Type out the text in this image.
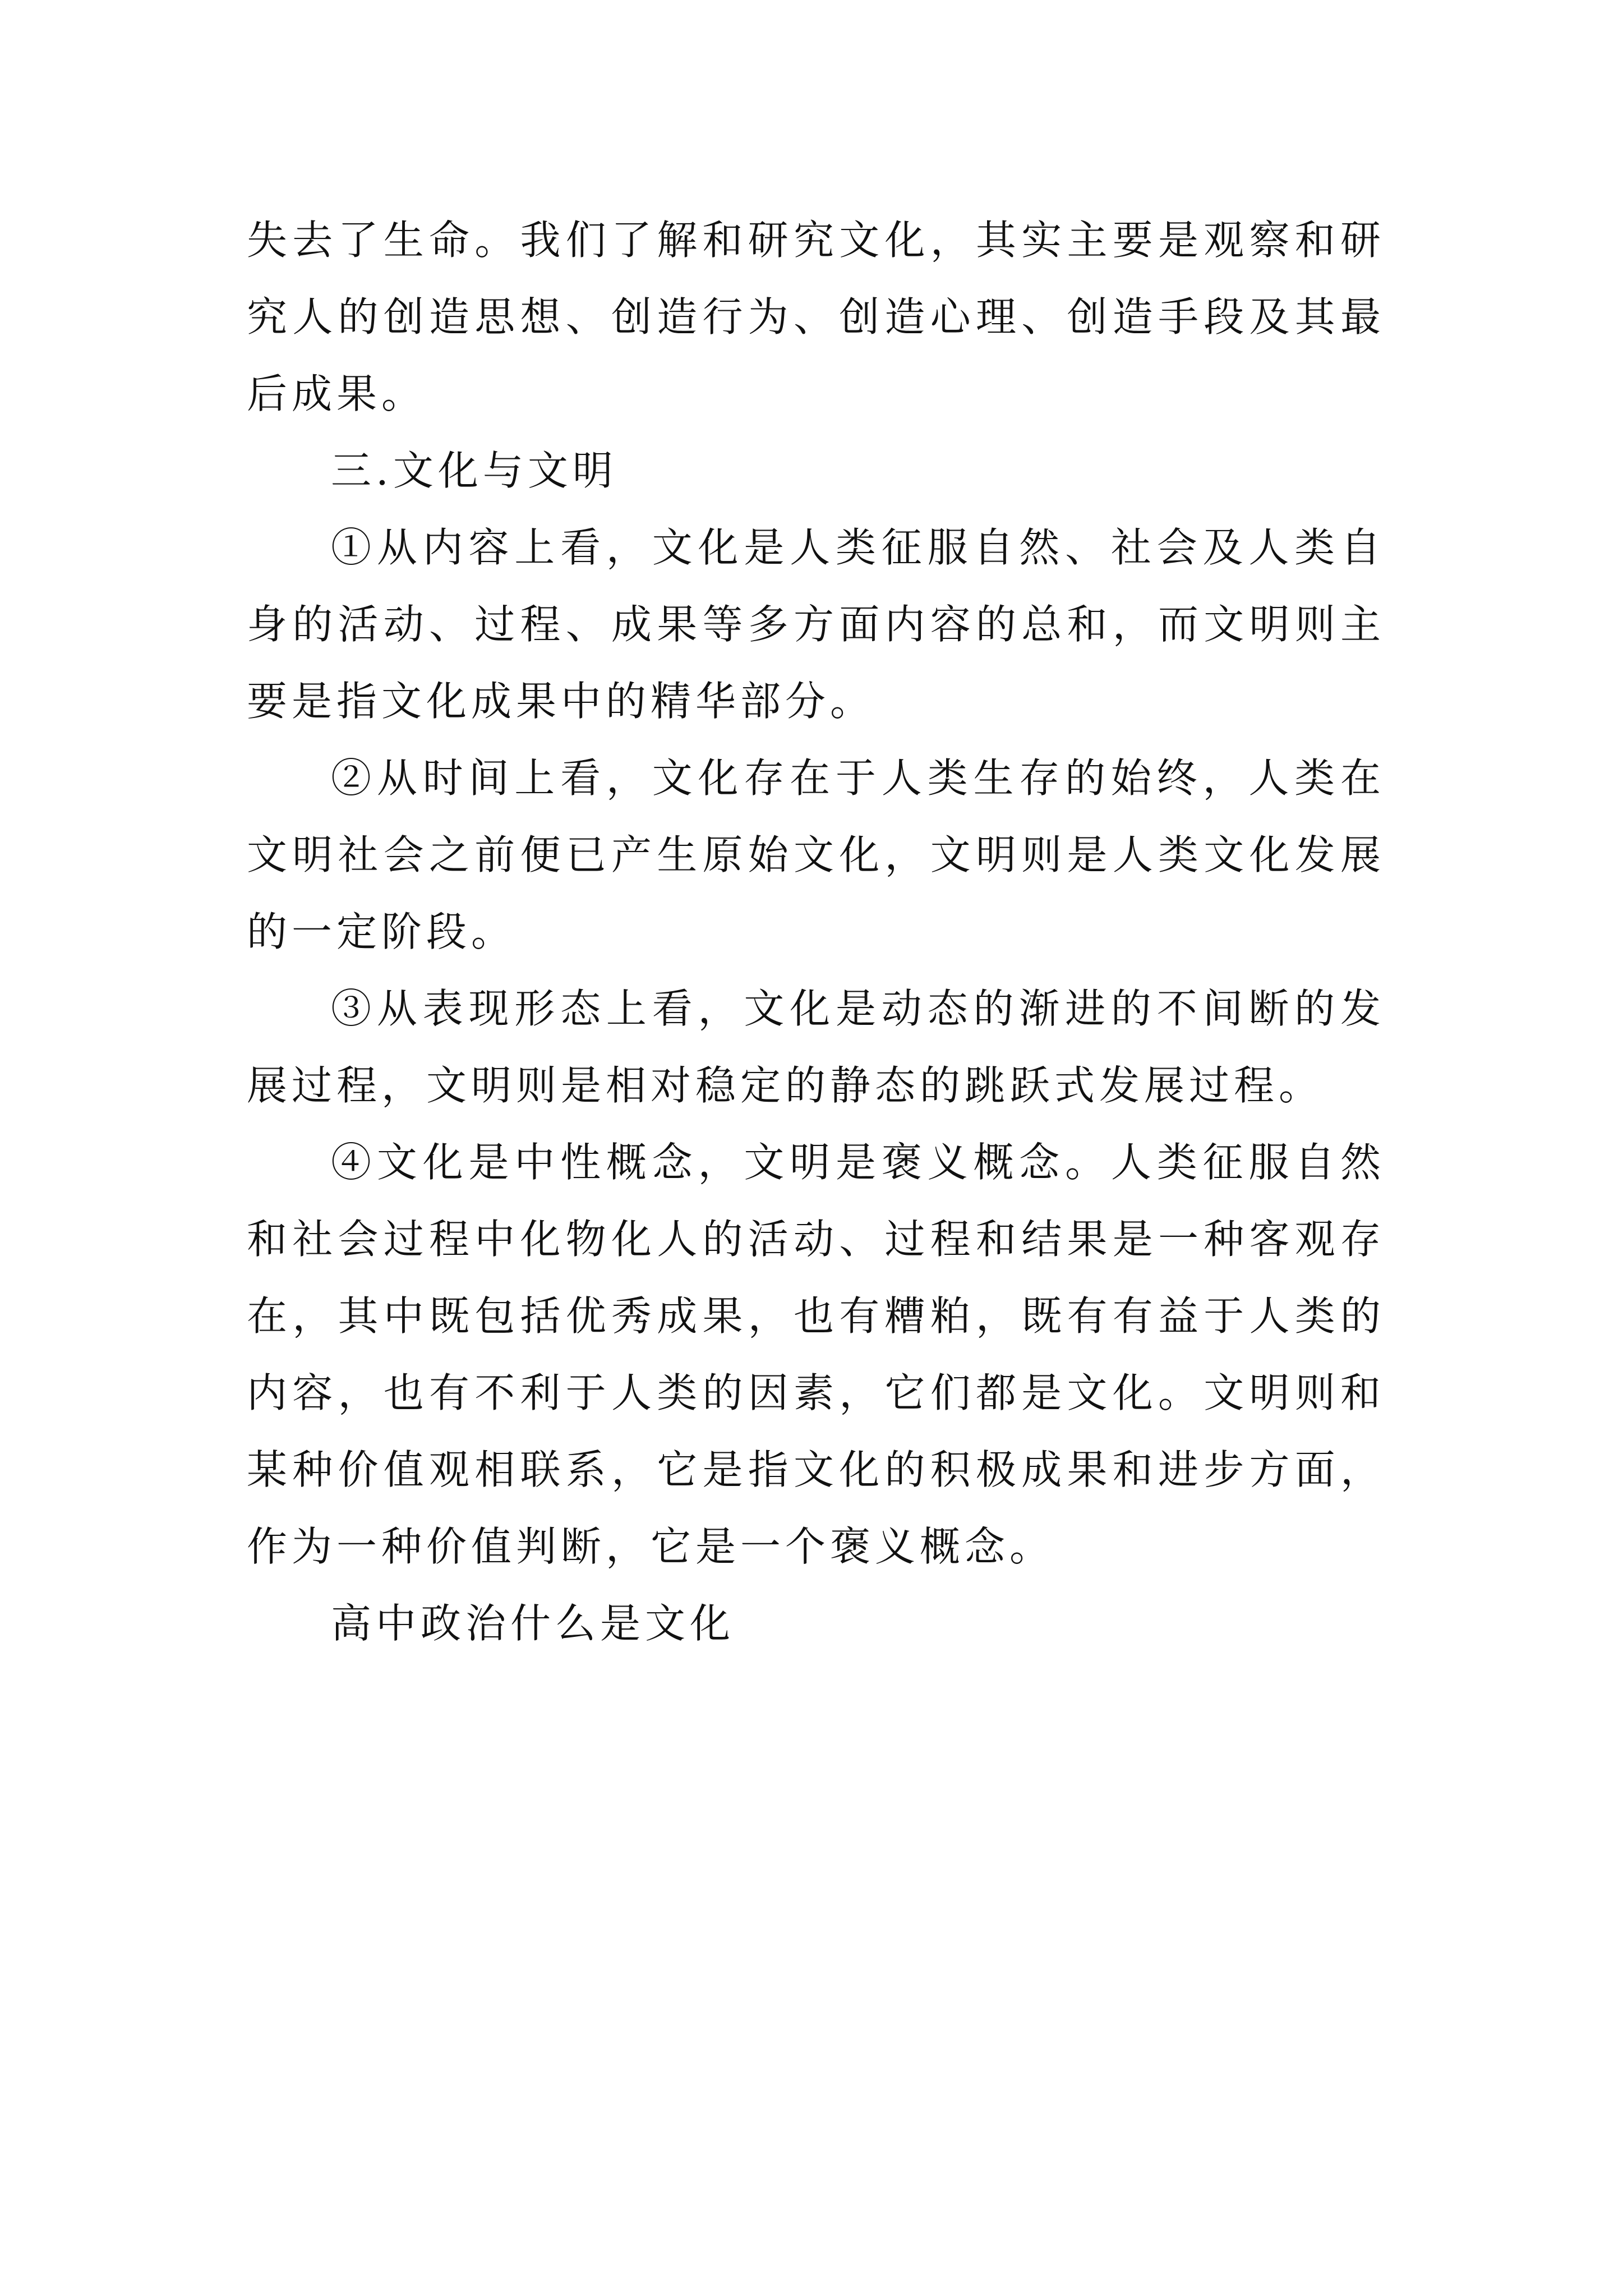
失去了生命。我们了解和研究文化，其实主要是观察和研究人的创造思想、创造行为、创造心理、创造手段及其最后成果。

三.文化与文明

①从内容上看，文化是人类征服自然、社会及人类自身的活动、过程、成果等多方面内容的总和，而文明则主要是指文化成果中的精华部分。

②从时间上看，文化存在于人类生存的始终，人类在文明社会之前便已产生原始文化，文明则是人类文化发展的一定阶段。

③从表现形态上看，文化是动态的渐进的不间断的发展过程，文明则是相对稳定的静态的跳跃式发展过程。

④文化是中性概念，文明是褒义概念。人类征服自然和社会过程中化物化人的活动、过程和结果是一种客观存在，其中既包括优秀成果，也有糟粕，既有有益于人类的内容，也有不利于人类的因素，它们都是文化。文明则和某种价值观相联系，它是指文化的积极成果和进步方面，作为一种价值判断，它是一个褒义概念。

高中政治什么是文化
